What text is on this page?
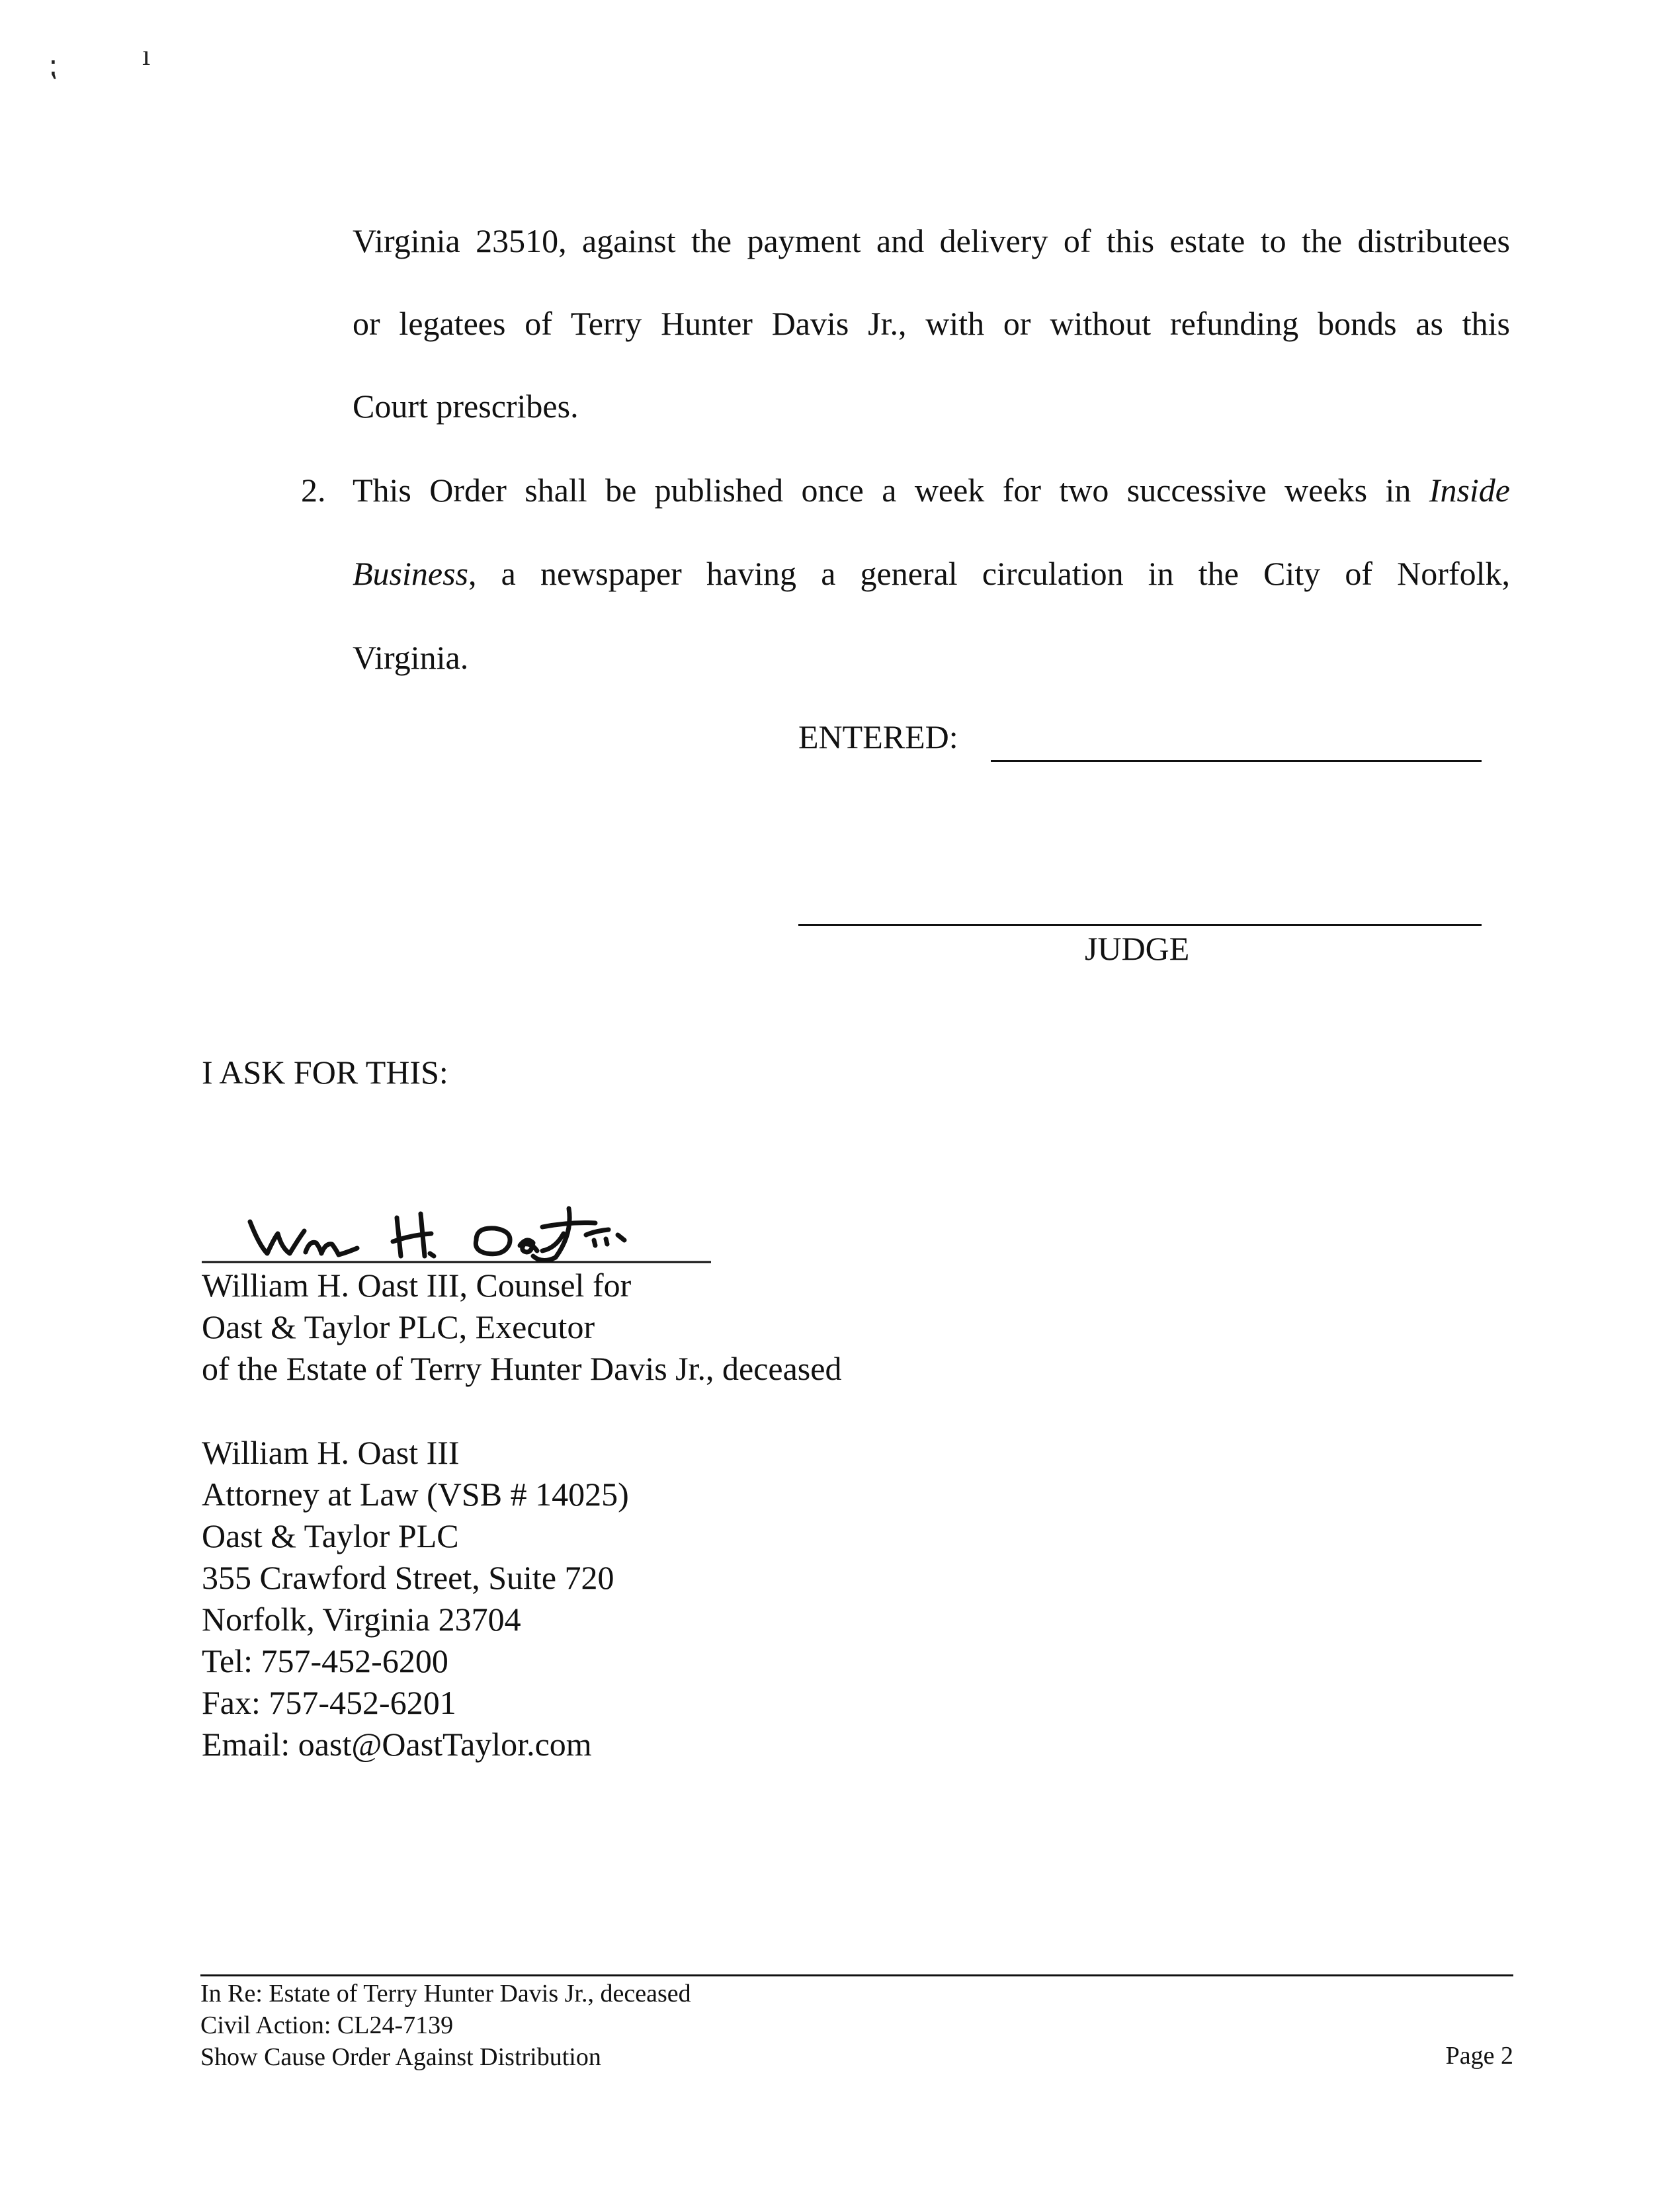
⁏	ı
Virginia 23510, against the payment and delivery of this estate to the distributees
or legatees of Terry Hunter Davis Jr., with or without refunding bonds as this
Court prescribes.
2. This Order shall be published once a week for two successive weeks in Inside
Business, a newspaper having a general circulation in the City of Norfolk,
Virginia.
ENTERED:
JUDGE
I ASK FOR THIS:
William H. Oast III, Counsel for
Oast & Taylor PLC, Executor
of the Estate of Terry Hunter Davis Jr., deceased
William H. Oast III
Attorney at Law (VSB # 14025)
Oast & Taylor PLC
355 Crawford Street, Suite 720
Norfolk, Virginia 23704
Tel: 757-452-6200
Fax: 757-452-6201
Email: oast@OastTaylor.com
In Re: Estate of Terry Hunter Davis Jr., deceased
Civil Action: CL24-7139
Show Cause Order Against Distribution	Page 2
